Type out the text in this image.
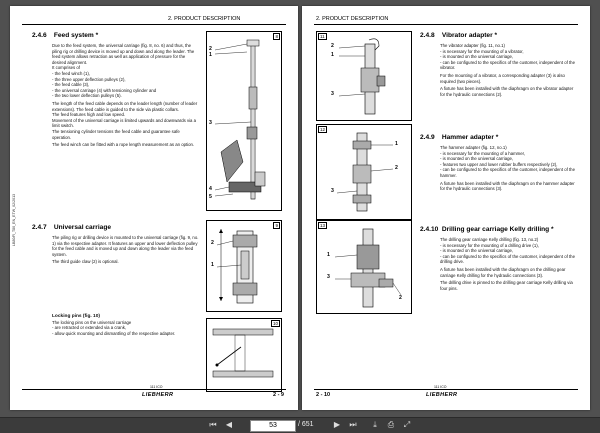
2. PRODUCT DESCRIPTION
LB80/R_T80_EN_ETW_02/2013
2.4.6 Feed system *

Due to the feed system, the universal carriage (fig. 8, no. 6) and thus, the piling rig or drilling device is moved up and down and along the leader. The feed system allows retraction as well as application of pressure for the desired alignment.

It comprises of

- the feed winch (1),

- the three upper deflection pulleys (2),

- the feed cable (3),

- the universal carriage (4) with tensioning cylinder and

- the two lower deflection pulleys (5).

The length of the feed cable depends on the leader length (number of leader extensions). The feed cable is guided to the side via plastic collars.

The feed features high and low speed.

Movement of the universal carriage is limited upwards and downwards via a limit switch.

The tensioning cylinder tensions the feed cable and guarantee safe operation.

The feed winch can be fitted with a rope length measurement as an option.

8
2
1
3
4
5
2.4.7 Universal carriage

The piling rig or drilling device is mounted to the universal carriage (fig. 9, no. 1) via the respective adapter. It features an upper and lower deflection pulley for the feed cable and is moved up and down along the leader via the feed system.

The third guide claw (2) is optional.

9
2
1

Locking pins (fig. 10)

The locking pins on the universal carriage

- are retracted or extended via a crank,

- allow quick mounting and dismantling of the respective adapter.

10
111 ICO
LIEBHERR	2 - 9
2. PRODUCT DESCRIPTION
11
2
1
3
2.4.8 Vibrator adapter *

The vibrator adapter (fig. 11, no.1)

- is necessary for the mounting of a vibrator,

- is mounted on the universal carriage,

- can be configured to the specifics of the customer, independent of the vibrator.

For the mounting of a vibrator, a corresponding adapter (3) is also required (two pieces).

A fixture has been installed with the diaphragm on the vibrator adapter for the hydraulic connections (2).

12
1
2
3
2.4.9 Hammer adapter *

The hammer adapter (fig. 12, no.1)

- is necessary for the mounting of a hammer,

- is mounted on the universal carriage,

- features two upper and lower rubber buffers respectively (2),

- can be configured to the specifics of the customer, independent of the hammer.

A fixture has been installed with the diaphragm on the hammer adapter for the hydraulic connections (3).

13
1
3
2
2.4.10 Drilling gear carriage Kelly drilling *

The drilling gear carriage Kelly drilling (fig. 13, no.2)

- is necessary for the mounting of a drilling drive (1),

- is mounted on the universal carriage,

- can be configured to the specifics of the customer, independent of the drilling drive.

A fixture has been installed with the diaphragm on the drilling gear carriage Kelly drilling for the hydraulic connections (3).

The drilling drive is pinned to the drilling gear carriage Kelly drilling via four pins.

2 - 10
111 ICO
LIEBHERR
⏮ ◀	53	/ 651	▶ ⏭	⤓	⎙ ⤢
